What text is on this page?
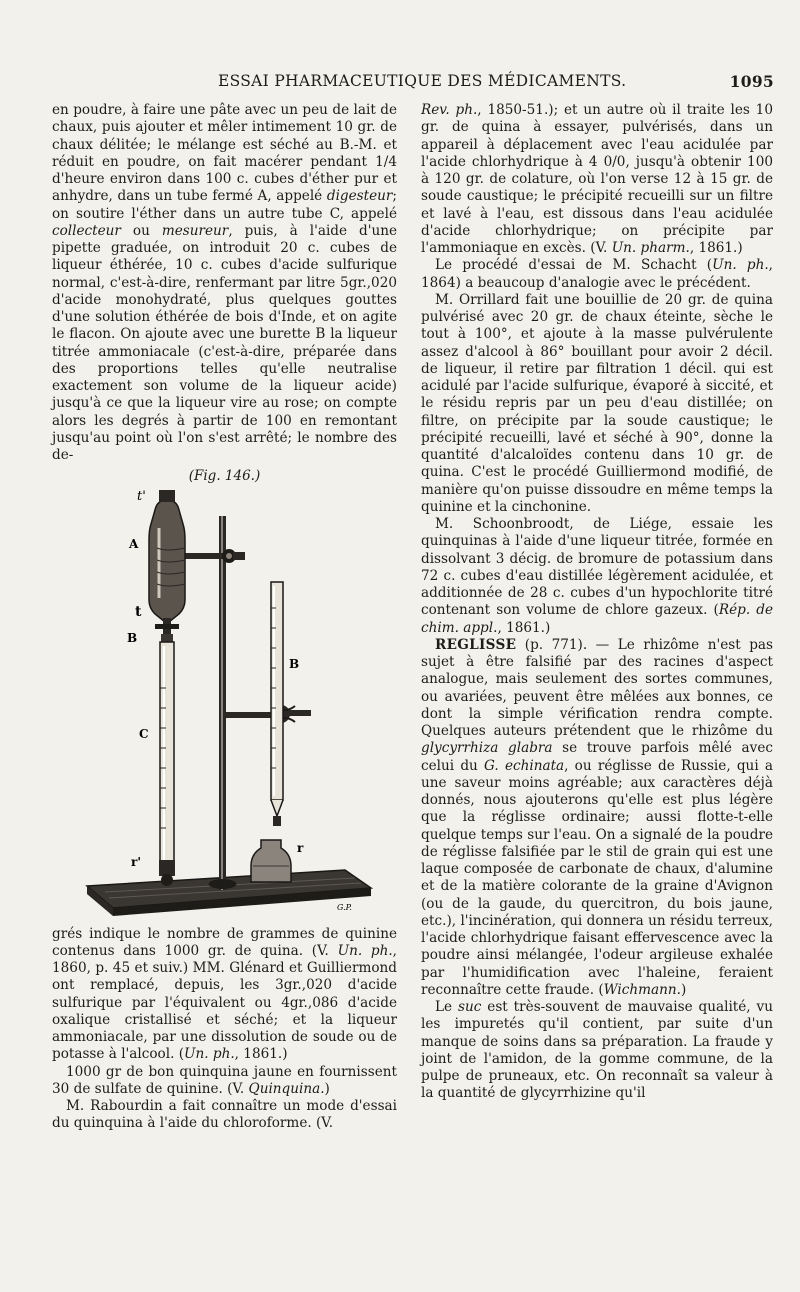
ESSAI PHARMACEUTIQUE DES MÉDICAMENTS.	1095

en poudre, à faire une pâte avec un peu de lait de chaux, puis ajouter et mêler intimement 10 gr. de chaux délitée; le mélange est séché au B.-M. et réduit en poudre, on fait macérer pendant 1/4 d'heure environ dans 100 c. cubes d'éther pur et anhydre, dans un tube fermé A, appelé digesteur; on soutire l'éther dans un autre tube C, appelé collecteur ou mesureur, puis, à l'aide d'une pipette graduée, on introduit 20 c. cubes de liqueur éthérée, 10 c. cubes d'acide sulfurique normal, c'est-à-dire, renfermant par litre 5gr.,020 d'acide monohydraté, plus quelques gouttes d'une solution éthérée de bois d'Inde, et on agite le flacon. On ajoute avec une burette B la liqueur titrée ammoniacale (c'est-à-dire, préparée dans des proportions telles qu'elle neutralise exactement son volume de la liqueur acide) jusqu'à ce que la liqueur vire au rose; on compte alors les degrés à partir de 100 en remontant jusqu'au point où l'on s'est arrêté; le nombre des de-

(Fig. 146.)
t'
A
t
B
B
C
r'
r
G.P.

grés indique le nombre de grammes de quinine contenus dans 1000 gr. de quina. (V. Un. ph., 1860, p. 45 et suiv.) MM. Glénard et Guilliermond ont remplacé, depuis, les 3gr.,020 d'acide sulfurique par l'équivalent ou 4gr.,086 d'acide oxalique cristallisé et séché; et la liqueur ammoniacale, par une dissolution de soude ou de potasse à l'alcool. (Un. ph., 1861.)

1000 gr de bon quinquina jaune en fournissent 30 de sulfate de quinine. (V. Quinquina.)

M. Rabourdin a fait connaître un mode d'essai du quinquina à l'aide du chloroforme. (V.

Rev. ph., 1850-51.); et un autre où il traite les 10 gr. de quina à essayer, pulvérisés, dans un appareil à déplacement avec l'eau acidulée par l'acide chlorhydrique à 4 0/0, jusqu'à obtenir 100 à 120 gr. de colature, où l'on verse 12 à 15 gr. de soude caustique; le précipité recueilli sur un filtre et lavé à l'eau, est dissous dans l'eau acidulée d'acide chlorhydrique; on précipite par l'ammoniaque en excès. (V. Un. pharm., 1861.)

Le procédé d'essai de M. Schacht (Un. ph., 1864) a beaucoup d'analogie avec le précédent.

M. Orrillard fait une bouillie de 20 gr. de quina pulvérisé avec 20 gr. de chaux éteinte, sèche le tout à 100°, et ajoute à la masse pulvérulente assez d'alcool à 86° bouillant pour avoir 2 décil. de liqueur, il retire par filtration 1 décil. qui est acidulé par l'acide sulfurique, évaporé à siccité, et le résidu repris par un peu d'eau distillée; on filtre, on précipite par la soude caustique; le précipité recueilli, lavé et séché à 90°, donne la quantité d'alcaloïdes contenu dans 10 gr. de quina. C'est le procédé Guilliermond modifié, de manière qu'on puisse dissoudre en même temps la quinine et la cinchonine.

M. Schoonbroodt, de Liége, essaie les quinquinas à l'aide d'une liqueur titrée, formée en dissolvant 3 décig. de bromure de potassium dans 72 c. cubes d'eau distillée légèrement acidulée, et additionnée de 28 c. cubes d'un hypochlorite titré contenant son volume de chlore gazeux. (Rép. de chim. appl., 1861.)

REGLISSE (p. 771). — Le rhizôme n'est pas sujet à être falsifié par des racines d'aspect analogue, mais seulement des sortes communes, ou avariées, peuvent être mêlées aux bonnes, ce dont la simple vérification rendra compte. Quelques auteurs prétendent que le rhizôme du glycyrrhiza glabra se trouve parfois mêlé avec celui du G. echinata, ou réglisse de Russie, qui a une saveur moins agréable; aux caractères déjà donnés, nous ajouterons qu'elle est plus légère que la réglisse ordinaire; aussi flotte-t-elle quelque temps sur l'eau. On a signalé de la poudre de réglisse falsifiée par le stil de grain qui est une laque composée de carbonate de chaux, d'alumine et de la matière colorante de la graine d'Avignon (ou de la gaude, du quercitron, du bois jaune, etc.), l'incinération, qui donnera un résidu terreux, l'acide chlorhydrique faisant effervescence avec la poudre ainsi mélangée, l'odeur argileuse exhalée par l'humidification avec l'haleine, feraient reconnaître cette fraude. (Wichmann.)

Le suc est très-souvent de mauvaise qualité, vu les impuretés qu'il contient, par suite d'un manque de soins dans sa préparation. La fraude y joint de l'amidon, de la gomme commune, de la pulpe de pruneaux, etc. On reconnaît sa valeur à la quantité de glycyrrhizine qu'il
